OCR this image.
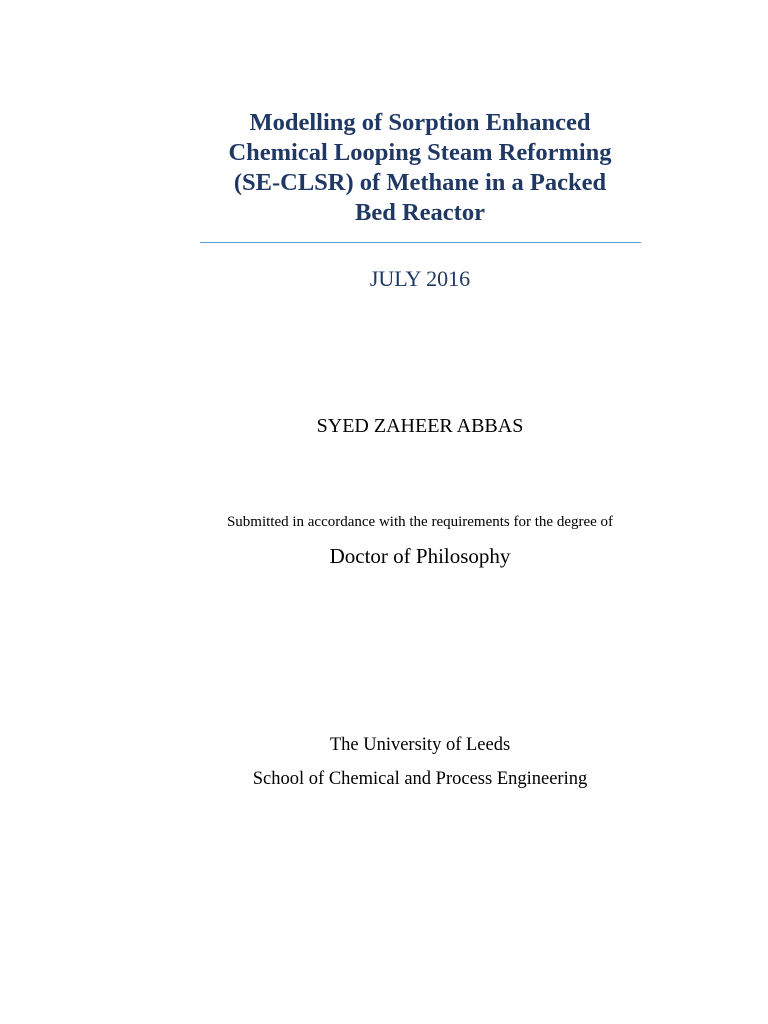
Modelling of Sorption Enhanced
Chemical Looping Steam Reforming
(SE-CLSR) of Methane in a Packed
Bed Reactor
JULY 2016
SYED ZAHEER ABBAS
Submitted in accordance with the requirements for the degree of
Doctor of Philosophy
The University of Leeds
School of Chemical and Process Engineering
